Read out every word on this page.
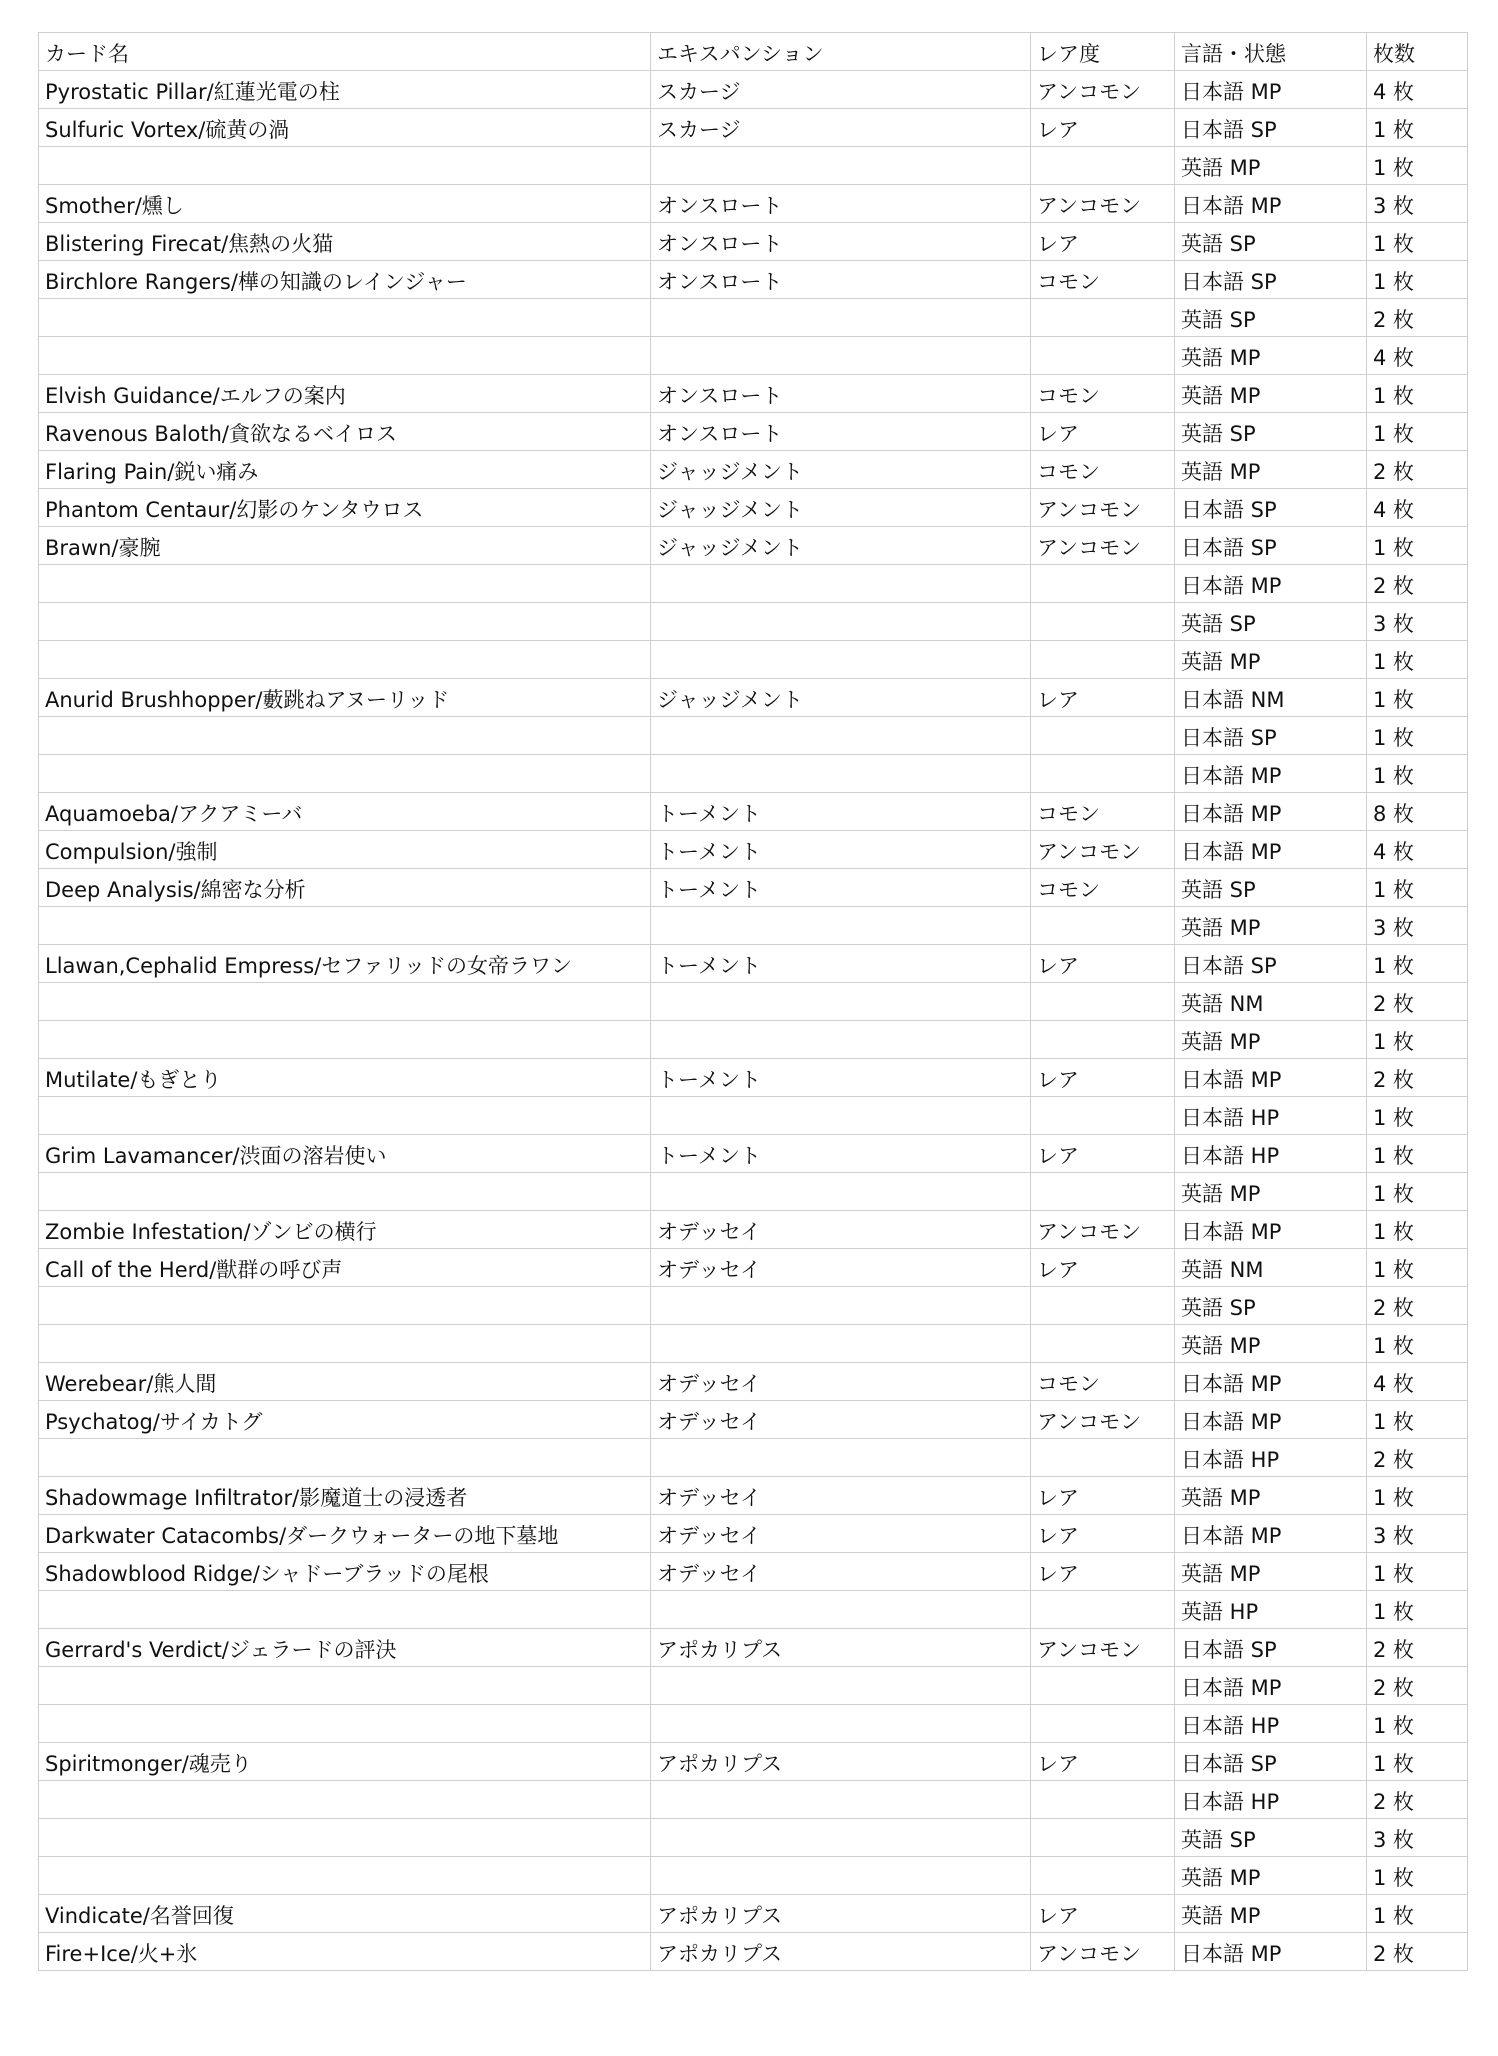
カード名	エキスパンション	レア度	言語・状態	枚数
Pyrostatic Pillar/紅蓮光電の柱	スカージ	アンコモン	日本語 MP	4 枚
Sulfuric Vortex/硫黄の渦	スカージ	レア	日本語 SP	1 枚
			英語 MP	1 枚
Smother/燻し	オンスロート	アンコモン	日本語 MP	3 枚
Blistering Firecat/焦熱の火猫	オンスロート	レア	英語 SP	1 枚
Birchlore Rangers/樺の知識のレインジャー	オンスロート	コモン	日本語 SP	1 枚
			英語 SP	2 枚
			英語 MP	4 枚
Elvish Guidance/エルフの案内	オンスロート	コモン	英語 MP	1 枚
Ravenous Baloth/貪欲なるベイロス	オンスロート	レア	英語 SP	1 枚
Flaring Pain/鋭い痛み	ジャッジメント	コモン	英語 MP	2 枚
Phantom Centaur/幻影のケンタウロス	ジャッジメント	アンコモン	日本語 SP	4 枚
Brawn/豪腕	ジャッジメント	アンコモン	日本語 SP	1 枚
			日本語 MP	2 枚
			英語 SP	3 枚
			英語 MP	1 枚
Anurid Brushhopper/藪跳ねアヌーリッド	ジャッジメント	レア	日本語 NM	1 枚
			日本語 SP	1 枚
			日本語 MP	1 枚
Aquamoeba/アクアミーバ	トーメント	コモン	日本語 MP	8 枚
Compulsion/強制	トーメント	アンコモン	日本語 MP	4 枚
Deep Analysis/綿密な分析	トーメント	コモン	英語 SP	1 枚
			英語 MP	3 枚
Llawan,Cephalid Empress/セファリッドの女帝ラワン	トーメント	レア	日本語 SP	1 枚
			英語 NM	2 枚
			英語 MP	1 枚
Mutilate/もぎとり	トーメント	レア	日本語 MP	2 枚
			日本語 HP	1 枚
Grim Lavamancer/渋面の溶岩使い	トーメント	レア	日本語 HP	1 枚
			英語 MP	1 枚
Zombie Infestation/ゾンビの横行	オデッセイ	アンコモン	日本語 MP	1 枚
Call of the Herd/獣群の呼び声	オデッセイ	レア	英語 NM	1 枚
			英語 SP	2 枚
			英語 MP	1 枚
Werebear/熊人間	オデッセイ	コモン	日本語 MP	4 枚
Psychatog/サイカトグ	オデッセイ	アンコモン	日本語 MP	1 枚
			日本語 HP	2 枚
Shadowmage Infiltrator/影魔道士の浸透者	オデッセイ	レア	英語 MP	1 枚
Darkwater Catacombs/ダークウォーターの地下墓地	オデッセイ	レア	日本語 MP	3 枚
Shadowblood Ridge/シャドーブラッドの尾根	オデッセイ	レア	英語 MP	1 枚
			英語 HP	1 枚
Gerrard's Verdict/ジェラードの評決	アポカリプス	アンコモン	日本語 SP	2 枚
			日本語 MP	2 枚
			日本語 HP	1 枚
Spiritmonger/魂売り	アポカリプス	レア	日本語 SP	1 枚
			日本語 HP	2 枚
			英語 SP	3 枚
			英語 MP	1 枚
Vindicate/名誉回復	アポカリプス	レア	英語 MP	1 枚
Fire+Ice/火+氷	アポカリプス	アンコモン	日本語 MP	2 枚
